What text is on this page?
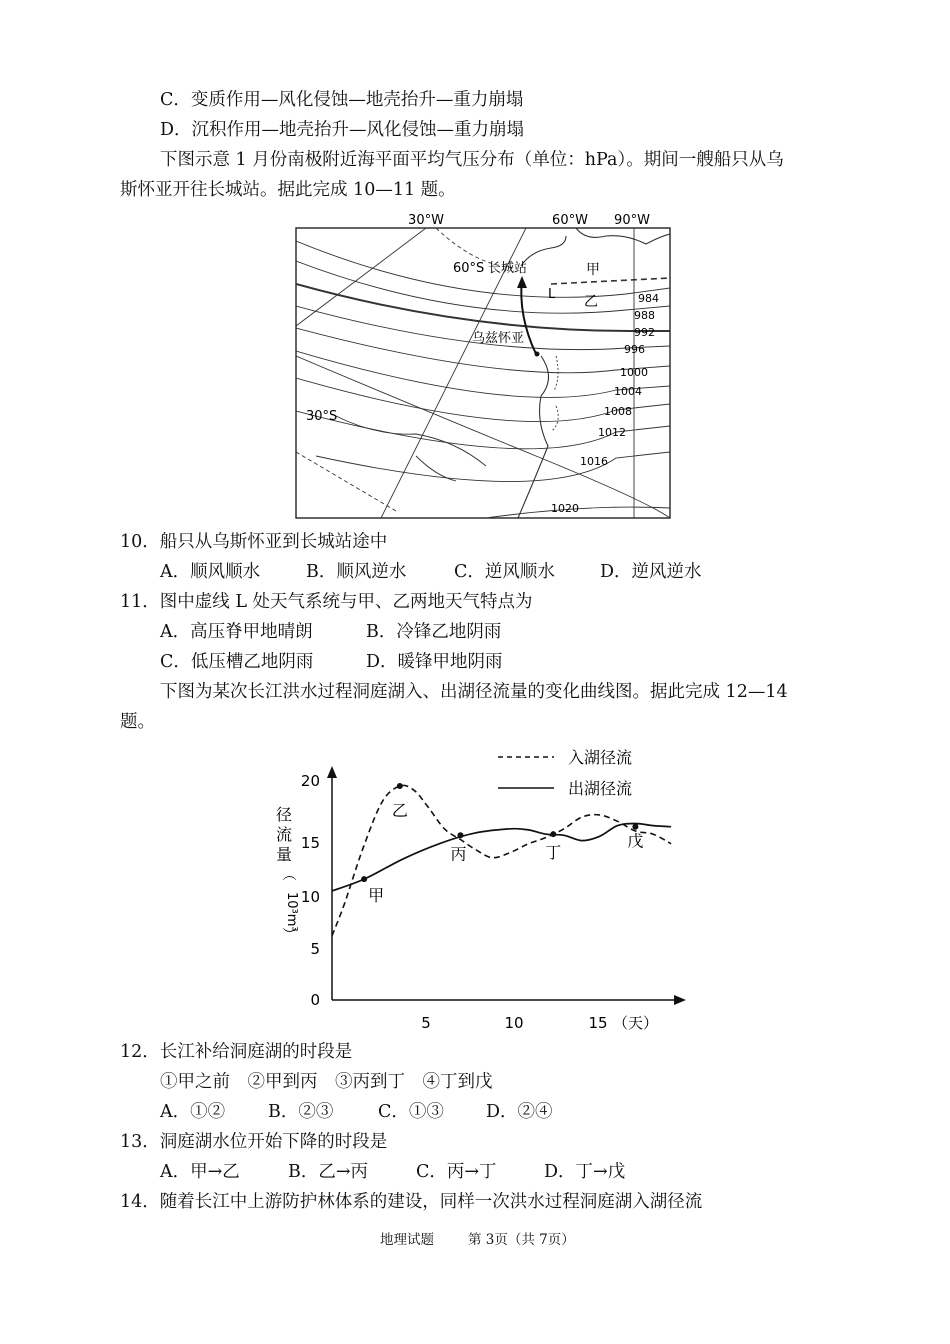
C．变质作用—风化侵蚀—地壳抬升—重力崩塌
D．沉积作用—地壳抬升—风化侵蚀—重力崩塌
下图示意 1 月份南极附近海平面平均气压分布（单位：hPa）。期间一艘船只从乌
斯怀亚开往长城站。据此完成 10—11 题。
30°W	60°W 90°W
60°S
30°S
长城站
乌兹怀亚
甲
乙
L	984
988
992
996
1000
1004
1008
1012
1016
1020
10．船只从乌斯怀亚到长城站途中
A．顺风顺水	B．顺风逆水	C．逆风顺水	D．逆风逆水
11．图中虚线 L 处天气系统与甲、乙两地天气特点为
A．高压脊甲地晴朗	B．冷锋乙地阴雨
C．低压槽乙地阴雨	D．暖锋甲地阴雨
下图为某次长江洪水过程洞庭湖入、出湖径流量的变化曲线图。据此完成 12—14
题。
入湖径流
出湖径流
径
流
量
（
10³m³
）
0
5
10
15
20
5	10	15 （天）
甲
乙
丙	丁
戊
12．长江补给洞庭湖的时段是
①甲之前　②甲到丙　③丙到丁　④丁到戊
A．①② B．②③	C．①③ D．②④
13．洞庭湖水位开始下降的时段是
A．甲→乙	B．乙→丙	C．丙→丁	D．丁→戊
14．随着长江中上游防护林体系的建设，同样一次洪水过程洞庭湖入湖径流
地理试题	第 3页（共 7页）
